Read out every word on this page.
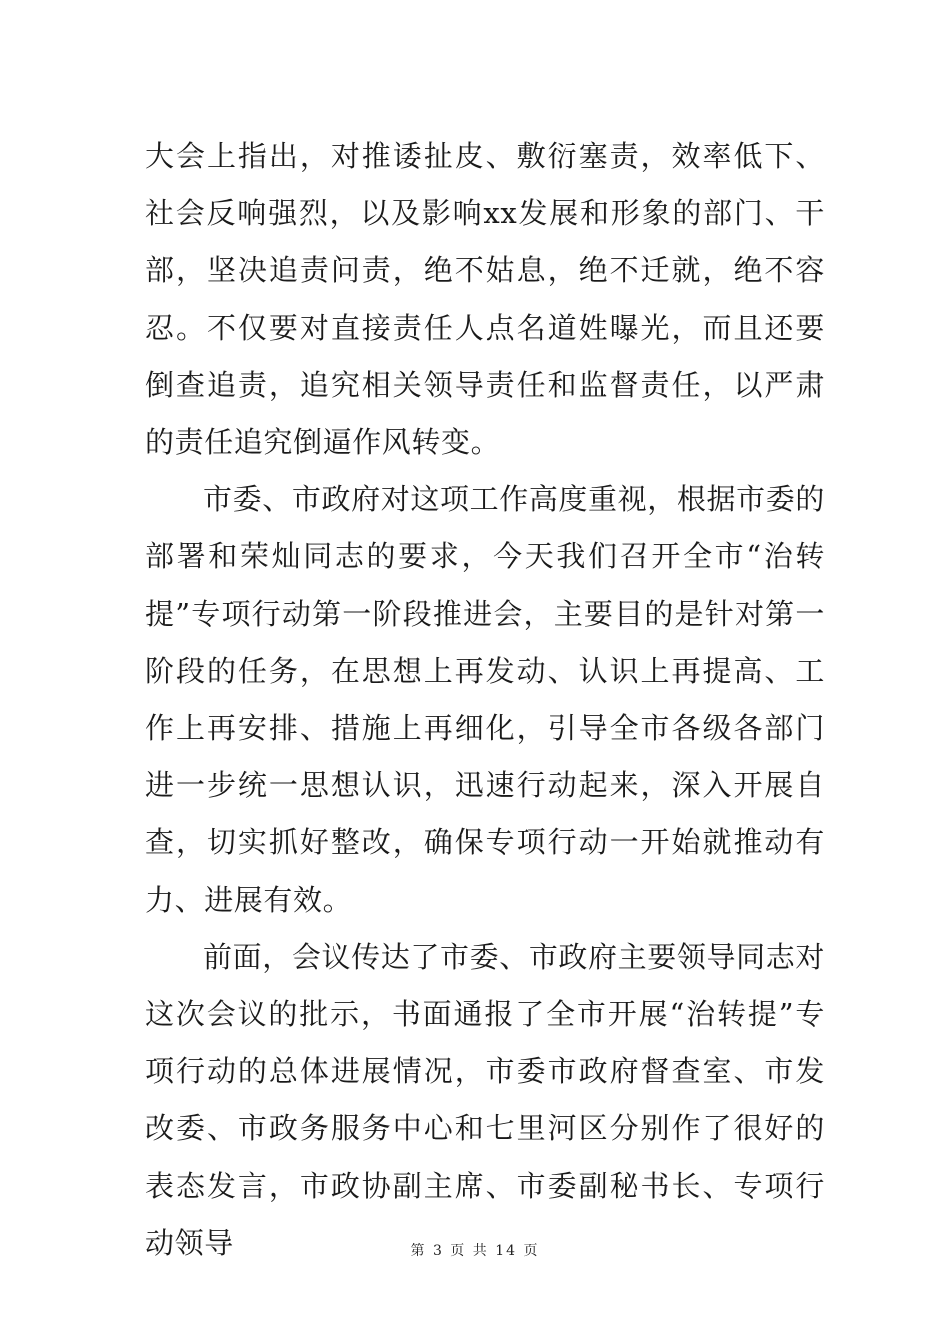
大会上指出，对推诿扯皮、敷衍塞责，效率低下、社会反响强烈，以及影响xx发展和形象的部门、干部，坚决追责问责，绝不姑息，绝不迁就，绝不容忍。不仅要对直接责任人点名道姓曝光，而且还要倒查追责，追究相关领导责任和监督责任，以严肃的责任追究倒逼作风转变。

市委、市政府对这项工作高度重视，根据市委的部署和荣灿同志的要求，今天我们召开全市“治转提”专项行动第一阶段推进会，主要目的是针对第一阶段的任务，在思想上再发动、认识上再提高、工作上再安排、措施上再细化，引导全市各级各部门进一步统一思想认识，迅速行动起来，深入开展自查，切实抓好整改，确保专项行动一开始就推动有力、进展有效。

前面，会议传达了市委、市政府主要领导同志对这次会议的批示，书面通报了全市开展“治转提”专项行动的总体进展情况，市委市政府督查室、市发改委、市政务服务中心和七里河区分别作了很好的表态发言，市政协副主席、市委副秘书长、专项行动领导	第 3 页 共 14 页
